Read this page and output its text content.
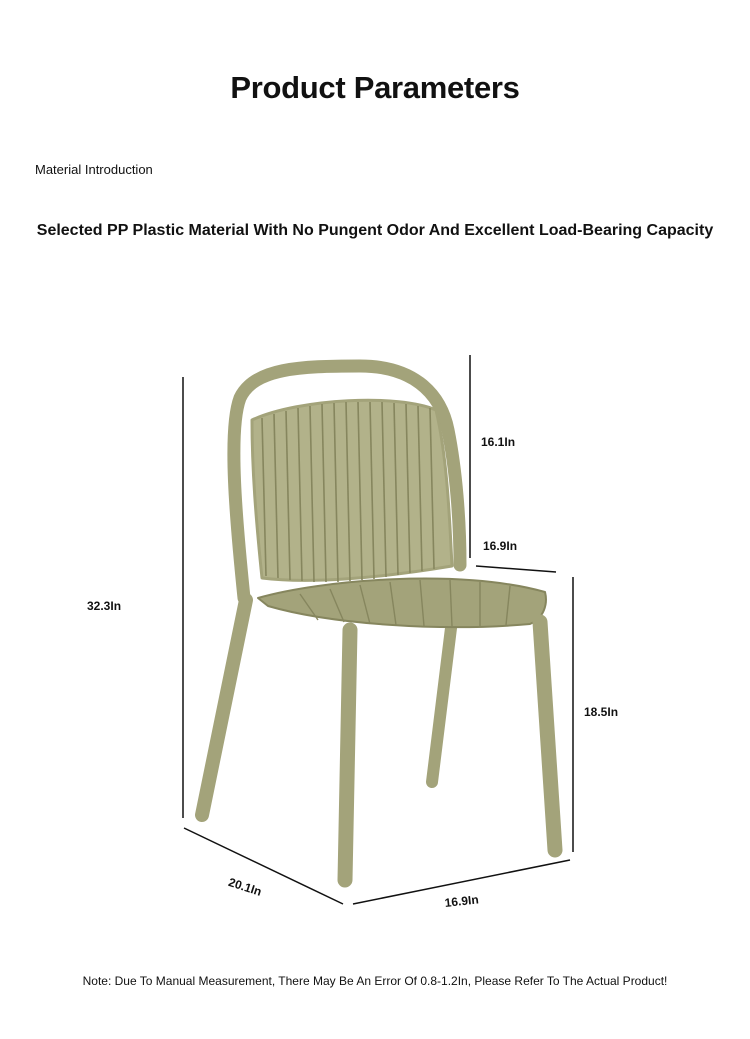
Product Parameters
Material Introduction
Selected PP Plastic Material With No Pungent Odor And Excellent Load-Bearing Capacity
16.1In
16.9In
32.3In
18.5In
20.1In
16.9In
Note: Due To Manual Measurement, There May Be An Error Of 0.8-1.2In, Please Refer To The Actual Product!
